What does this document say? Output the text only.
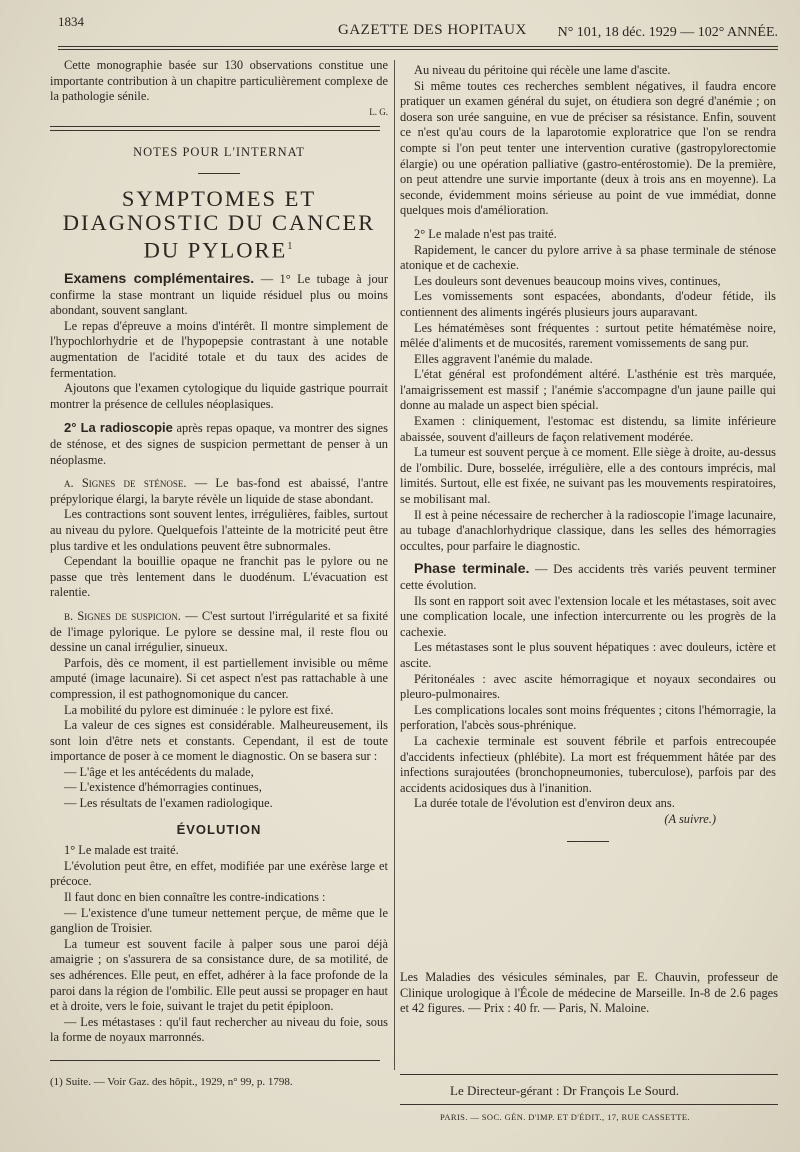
1834
GAZETTE DES HOPITAUX N° 101, 18 déc. 1929 — 102° ANNÉE.

Cette monographie basée sur 130 observations constitue une importante contribution à un chapitre particulièrement complexe de la pathologie sénile.

L. G.
NOTES POUR L'INTERNAT
SYMPTOMES ET DIAGNOSTIC DU CANCER DU PYLORE$^1$

Examens complémentaires. — 1° Le tubage à jour confirme la stase montrant un liquide résiduel plus ou moins abondant, souvent sanglant.

Le repas d'épreuve a moins d'intérêt. Il montre simplement de l'hypochlorhydrie et de l'hypopepsie contrastant à une notable augmentation de l'acidité totale et du taux des acides de fermentation.

Ajoutons que l'examen cytologique du liquide gastrique pourrait montrer la présence de cellules néoplasiques.

2° La radioscopie après repas opaque, va montrer des signes de sténose, et des signes de suspicion permettant de penser à un néoplasme.

a. Signes de sténose. — Le bas-fond est abaissé, l'antre prépylorique élargi, la baryte révèle un liquide de stase abondant.

Les contractions sont souvent lentes, irrégulières, faibles, surtout au niveau du pylore. Quelquefois l'atteinte de la motricité peut être plus tardive et les ondulations peuvent être subnormales.

Cependant la bouillie opaque ne franchit pas le pylore ou ne passe que très lentement dans le duodénum. L'évacuation est ralentie.

b. Signes de suspicion. — C'est surtout l'irrégularité et sa fixité de l'image pylorique. Le pylore se dessine mal, il reste flou ou dessine un canal irrégulier, sinueux.

Parfois, dès ce moment, il est partiellement invisible ou même amputé (image lacunaire). Si cet aspect n'est pas rattachable à une compression, il est pathognomonique du cancer.

La mobilité du pylore est diminuée : le pylore est fixé.

La valeur de ces signes est considérable. Malheureusement, ils sont loin d'être nets et constants. Cependant, il est de toute importance de poser à ce moment le diagnostic. On se basera sur :

— L'âge et les antécédents du malade,

— L'existence d'hémorragies continues,

— Les résultats de l'examen radiologique.

ÉVOLUTION

1° Le malade est traité.

L'évolution peut être, en effet, modifiée par une exérèse large et précoce.

Il faut donc en bien connaître les contre-indications :

— L'existence d'une tumeur nettement perçue, de même que le ganglion de Troisier.

La tumeur est souvent facile à palper sous une paroi déjà amaigrie ; on s'assurera de sa consistance dure, de sa motilité, de ses adhérences. Elle peut, en effet, adhérer à la face profonde de la paroi dans la région de l'ombilic. Elle peut aussi se propager en haut et à droite, vers le foie, suivant le trajet du petit épiploon.

— Les métastases : qu'il faut rechercher au niveau du foie, sous la forme de noyaux marronnés.

(1) Suite. — Voir Gaz. des hôpit., 1929, n° 99, p. 1798.

Au niveau du péritoine qui récèle une lame d'ascite.

Si même toutes ces recherches semblent négatives, il faudra encore pratiquer un examen général du sujet, on étudiera son degré d'anémie ; on dosera son urée sanguine, en vue de préciser sa résistance. Enfin, souvent ce n'est qu'au cours de la laparotomie exploratrice que l'on se rendra compte si l'on peut tenter une intervention curative (gastropylorectomie élargie) ou une opération palliative (gastro-entérostomie). De la première, on peut attendre une survie importante (deux à trois ans en moyenne). La seconde, évidemment moins sérieuse au point de vue immédiat, donne quelques mois d'amélioration.

2° Le malade n'est pas traité.

Rapidement, le cancer du pylore arrive à sa phase terminale de sténose atonique et de cachexie.

Les douleurs sont devenues beaucoup moins vives, continues,

Les vomissements sont espacées, abondants, d'odeur fétide, ils contiennent des aliments ingérés plusieurs jours auparavant.

Les hématémèses sont fréquentes : surtout petite hématémèse noire, mêlée d'aliments et de mucosités, rarement vomissements de sang pur.

Elles aggravent l'anémie du malade.

L'état général est profondément altéré. L'asthénie est très marquée, l'amaigrissement est massif ; l'anémie s'accompagne d'un jaune paille qui donne au malade un aspect bien spécial.

Examen : cliniquement, l'estomac est distendu, sa limite inférieure abaissée, souvent d'ailleurs de façon relativement modérée.

La tumeur est souvent perçue à ce moment. Elle siège à droite, au-dessus de l'ombilic. Dure, bosselée, irrégulière, elle a des contours imprécis, mal limités. Surtout, elle est fixée, ne suivant pas les mouvements respiratoires, se mobilisant mal.

Il est à peine nécessaire de rechercher à la radioscopie l'image lacunaire, au tubage d'anachlorhydrique classique, dans les selles des hémorragies occultes, pour parfaire le diagnostic.

Phase terminale. — Des accidents très variés peuvent terminer cette évolution.

Ils sont en rapport soit avec l'extension locale et les métastases, soit avec une complication locale, une infection intercurrente ou les progrès de la cachexie.

Les métastases sont le plus souvent hépatiques : avec douleurs, ictère et ascite.

Péritonéales : avec ascite hémorragique et noyaux secondaires ou pleuro-pulmonaires.

Les complications locales sont moins fréquentes ; citons l'hémorragie, la perforation, l'abcès sous-phrénique.

La cachexie terminale est souvent fébrile et parfois entrecoupée d'accidents infectieux (phlébite). La mort est fréquemment hâtée par des infections surajoutées (bronchopneumonies, tuberculose), parfois par des accidents acidosiques dus à l'inanition.

La durée totale de l'évolution est d'environ deux ans.

(A suivre.)
Les Maladies des vésicules séminales, par E. Chauvin, professeur de Clinique urologique à l'École de médecine de Marseille. In-8 de 2.6 pages et 42 figures. — Prix : 40 fr. — Paris, N. Maloine.
Le Directeur-gérant : Dr François Le Sourd.
PARIS. — SOC. GÉN. D'IMP. ET D'ÉDIT., 17, RUE CASSETTE.
